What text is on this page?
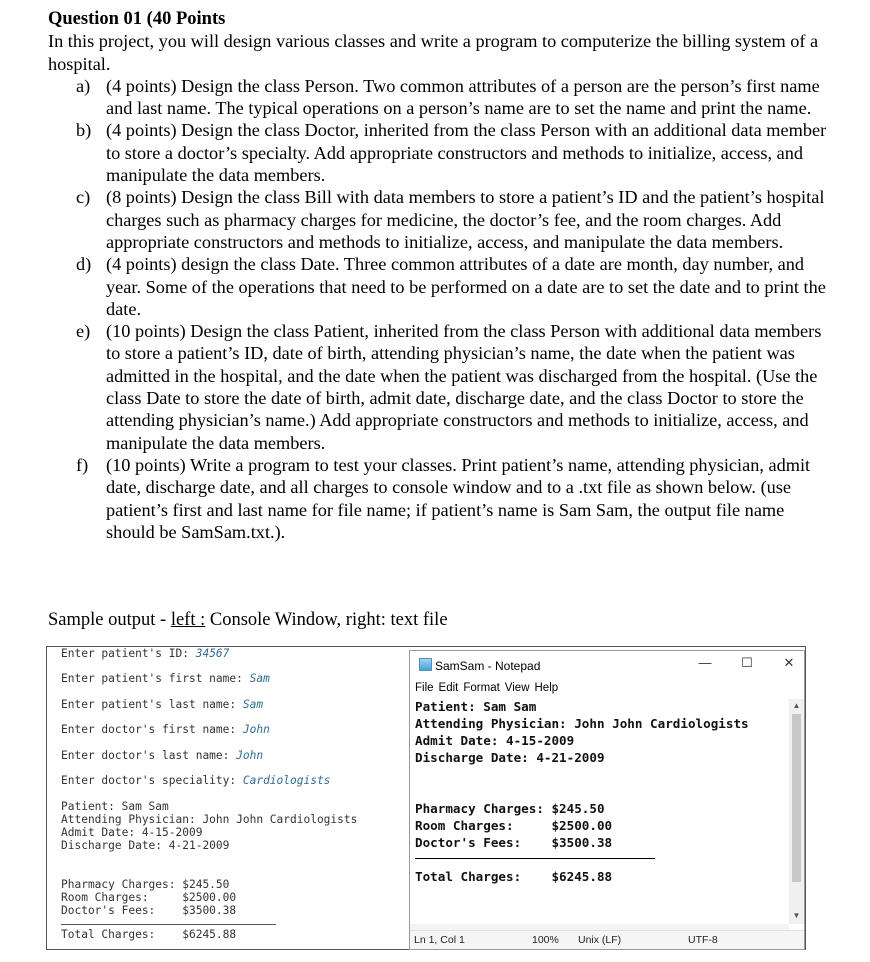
Question 01 (40 Points
In this project, you will design various classes and write a program to computerize the billing system of a hospital.
a) (4 points) Design the class Person. Two common attributes of a person are the person’s first name and last name. The typical operations on a person’s name are to set the name and print the name.
b) (4 points) Design the class Doctor, inherited from the class Person with an additional data member to store a doctor’s specialty. Add appropriate constructors and methods to initialize, access, and manipulate the data members.
c) (8 points) Design the class Bill with data members to store a patient’s ID and the patient’s hospital charges such as pharmacy charges for medicine, the doctor’s fee, and the room charges. Add appropriate constructors and methods to initialize, access, and manipulate the data members.
d) (4 points) design the class Date. Three common attributes of a date are month, day number, and year. Some of the operations that need to be performed on a date are to set the date and to print the date.
e) (10 points) Design the class Patient, inherited from the class Person with additional data members to store a patient’s ID, date of birth, attending physician’s name, the date when the patient was admitted in the hospital, and the date when the patient was discharged from the hospital. (Use the class Date to store the date of birth, admit date, discharge date, and the class Doctor to store the attending physician’s name.) Add appropriate constructors and methods to initialize, access, and manipulate the data members.
f) (10 points) Write a program to test your classes. Print patient’s name, attending physician, admit date, discharge date, and all charges to console window and to a .txt file as shown below. (use patient’s first and last name for file name; if patient’s name is Sam Sam, the output file name should be SamSam.txt.).
Sample output - left : Console Window, right: text file
Enter patient's ID: 34567
Enter patient's first name: Sam
Enter patient's last name: Sam
Enter doctor's first name: John
Enter doctor's last name: John
Enter doctor's speciality: Cardiologists
Patient: Sam Sam
Attending Physician: John John Cardiologists
Admit Date: 4-15-2009
Discharge Date: 4-21-2009
Pharmacy Charges: $245.50
Room Charges:     $2500.00
Doctor's Fees:    $3500.38
Total Charges:    $6245.88
SamSam - Notepad	—	☐	✕
File Edit Format View Help
Patient: Sam Sam
Attending Physician: John John Cardiologists
Admit Date: 4-15-2009
Discharge Date: 4-21-2009
Pharmacy Charges: $245.50
Room Charges:     $2500.00
Doctor's Fees:    $3500.38
Total Charges:    $6245.88
▲
▼
Ln 1, Col 1	100% Unix (LF)	UTF-8
